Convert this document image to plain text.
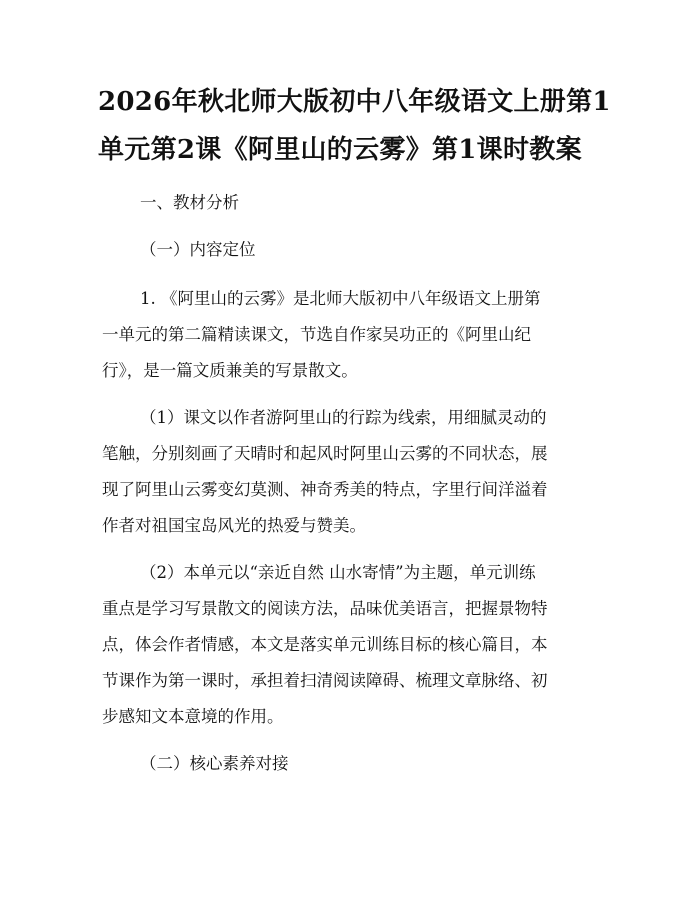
2026年秋北师大版初中八年级语文上册第1
单元第2课《阿里山的云雾》第1课时教案

一、教材分析

（一）内容定位

1. 《阿里山的云雾》是北师大版初中八年级语文上册第

一单元的第二篇精读课文，节选自作家吴功正的《阿里山纪

行》，是一篇文质兼美的写景散文。

（1）课文以作者游阿里山的行踪为线索，用细腻灵动的

笔触，分别刻画了天晴时和起风时阿里山云雾的不同状态，展

现了阿里山云雾变幻莫测、神奇秀美的特点，字里行间洋溢着

作者对祖国宝岛风光的热爱与赞美。

（2）本单元以“亲近自然 山水寄情”为主题，单元训练

重点是学习写景散文的阅读方法，品味优美语言，把握景物特

点，体会作者情感，本文是落实单元训练目标的核心篇目，本

节课作为第一课时，承担着扫清阅读障碍、梳理文章脉络、初

步感知文本意境的作用。

（二）核心素养对接
